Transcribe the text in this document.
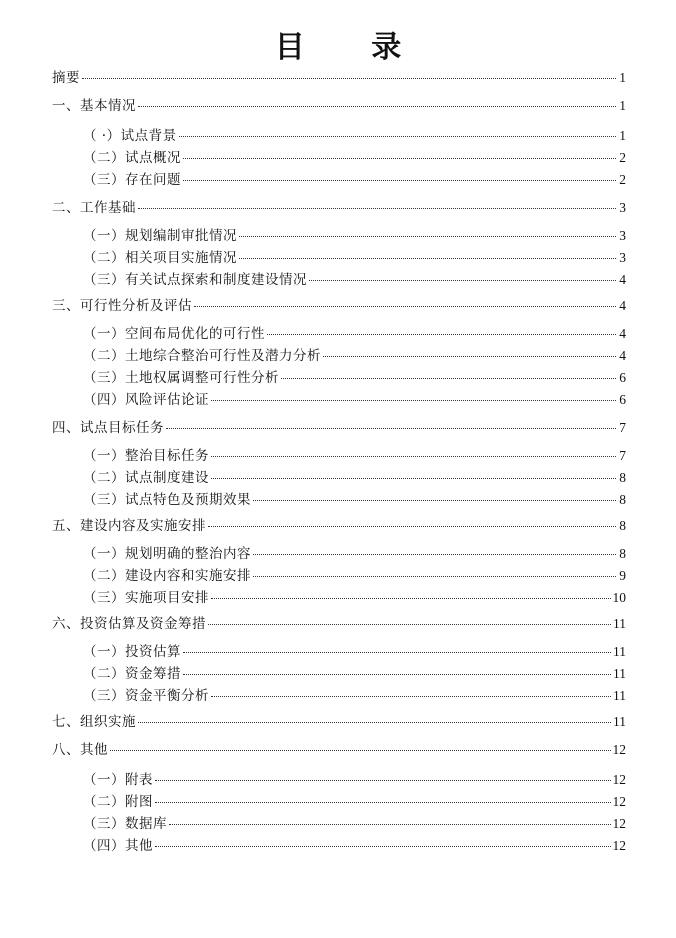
目 录
摘要	1
一、基本情况	1
（ ·）试点背景	1
（二）试点概况	2
（三）存在问题	2
二、工作基础	3
（一）规划编制审批情况	3
（二）相关项目实施情况	3
（三）有关试点探索和制度建设情况	4
三、可行性分析及评估	4
（一）空间布局优化的可行性	4
（二）土地综合整治可行性及潜力分析	4
（三）土地权属调整可行性分析	6
（四）风险评估论证	6
四、试点目标任务	7
（一）整治目标任务	7
（二）试点制度建设	8
（三）试点特色及预期效果	8
五、建设内容及实施安排	8
（一）规划明确的整治内容	8
（二）建设内容和实施安排	9
（三）实施项目安排	10
六、投资估算及资金筹措	11
（一）投资估算	11
（二）资金筹措	11
（三）资金平衡分析	11
七、组织实施	11
八、其他	12
（一）附表	12
（二）附图	12
（三）数据库	12
（四）其他	12
